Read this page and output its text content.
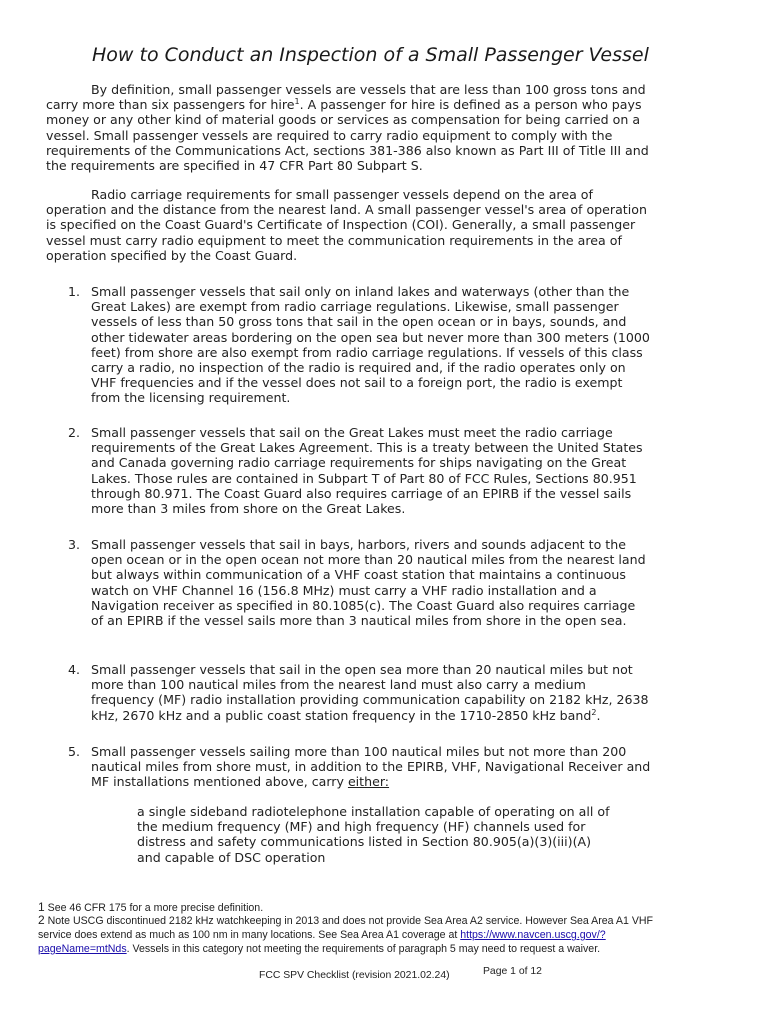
How to Conduct an Inspection of a Small Passenger Vessel

By definition, small passenger vessels are vessels that are less than 100 gross tons and carry more than six passengers for hire$^1$. A passenger for hire is defined as a person who pays money or any other kind of material goods or services as compensation for being carried on a vessel. Small passenger vessels are required to carry radio equipment to comply with the requirements of the Communications Act, sections 381-386 also known as Part III of Title III and the requirements are specified in 47 CFR Part 80 Subpart S.

Radio carriage requirements for small passenger vessels depend on the area of operation and the distance from the nearest land. A small passenger vessel's area of operation is specified on the Coast Guard's Certificate of Inspection (COI). Generally, a small passenger vessel must carry radio equipment to meet the communication requirements in the area of operation specified by the Coast Guard.

1. Small passenger vessels that sail only on inland lakes and waterways (other than the Great Lakes) are exempt from radio carriage regulations. Likewise, small passenger vessels of less than 50 gross tons that sail in the open ocean or in bays, sounds, and other tidewater areas bordering on the open sea but never more than 300 meters (1000 feet) from shore are also exempt from radio carriage regulations. If vessels of this class carry a radio, no inspection of the radio is required and, if the radio operates only on VHF frequencies and if the vessel does not sail to a foreign port, the radio is exempt from the licensing requirement.
2. Small passenger vessels that sail on the Great Lakes must meet the radio carriage requirements of the Great Lakes Agreement. This is a treaty between the United States and Canada governing radio carriage requirements for ships navigating on the Great Lakes. Those rules are contained in Subpart T of Part 80 of FCC Rules, Sections 80.951 through 80.971. The Coast Guard also requires carriage of an EPIRB if the vessel sails more than 3 miles from shore on the Great Lakes.
3. Small passenger vessels that sail in bays, harbors, rivers and sounds adjacent to the open ocean or in the open ocean not more than 20 nautical miles from the nearest land but always within communication of a VHF coast station that maintains a continuous watch on VHF Channel 16 (156.8 MHz) must carry a VHF radio installation and a Navigation receiver as specified in 80.1085(c). The Coast Guard also requires carriage of an EPIRB if the vessel sails more than 3 nautical miles from shore in the open sea.
4. Small passenger vessels that sail in the open sea more than 20 nautical miles but not more than 100 nautical miles from the nearest land must also carry a medium frequency (MF) radio installation providing communication capability on 2182 kHz, 2638 kHz, 2670 kHz and a public coast station frequency in the 1710-2850 kHz band$^2$.
5. Small passenger vessels sailing more than 100 nautical miles but not more than 200 nautical miles from shore must, in addition to the EPIRB, VHF, Navigational Receiver and MF installations mentioned above, carry either:

a single sideband radiotelephone installation capable of operating on all of the medium frequency (MF) and high frequency (HF) channels used for distress and safety communications listed in Section 80.905(a)(3)(iii)(A) and capable of DSC operation

1 See 46 CFR 175 for a more precise definition.

2 Note USCG discontinued 2182 kHz watchkeeping in 2013 and does not provide Sea Area A2 service. However Sea Area A1 VHF service does extend as much as 100 nm in many locations. See Sea Area A1 coverage at https://www.navcen.uscg.gov/?pageName=mtNds. Vessels in this category not meeting the requirements of paragraph 5 may need to request a waiver.

FCC SPV Checklist (revision 2021.02.24)	Page 1 of 12
